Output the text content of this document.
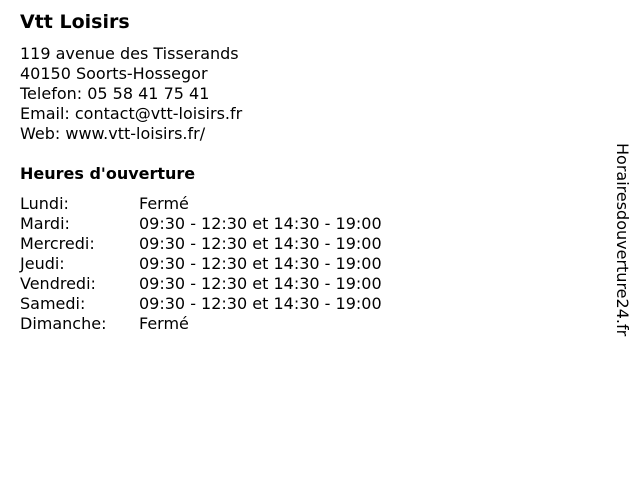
Vtt Loisirs
119 avenue des Tisserands
40150 Soorts-Hossegor
Telefon: 05 58 41 75 41
Email: contact@vtt-loisirs.fr
Web: www.vtt-loisirs.fr/
Heures d'ouverture
Lundi:	Fermé
Mardi:	09:30 - 12:30 et 14:30 - 19:00
Mercredi:	09:30 - 12:30 et 14:30 - 19:00
Jeudi:	09:30 - 12:30 et 14:30 - 19:00
Vendredi:	09:30 - 12:30 et 14:30 - 19:00
Samedi:	09:30 - 12:30 et 14:30 - 19:00
Dimanche:	Fermé	Horairesdouverture24.fr
